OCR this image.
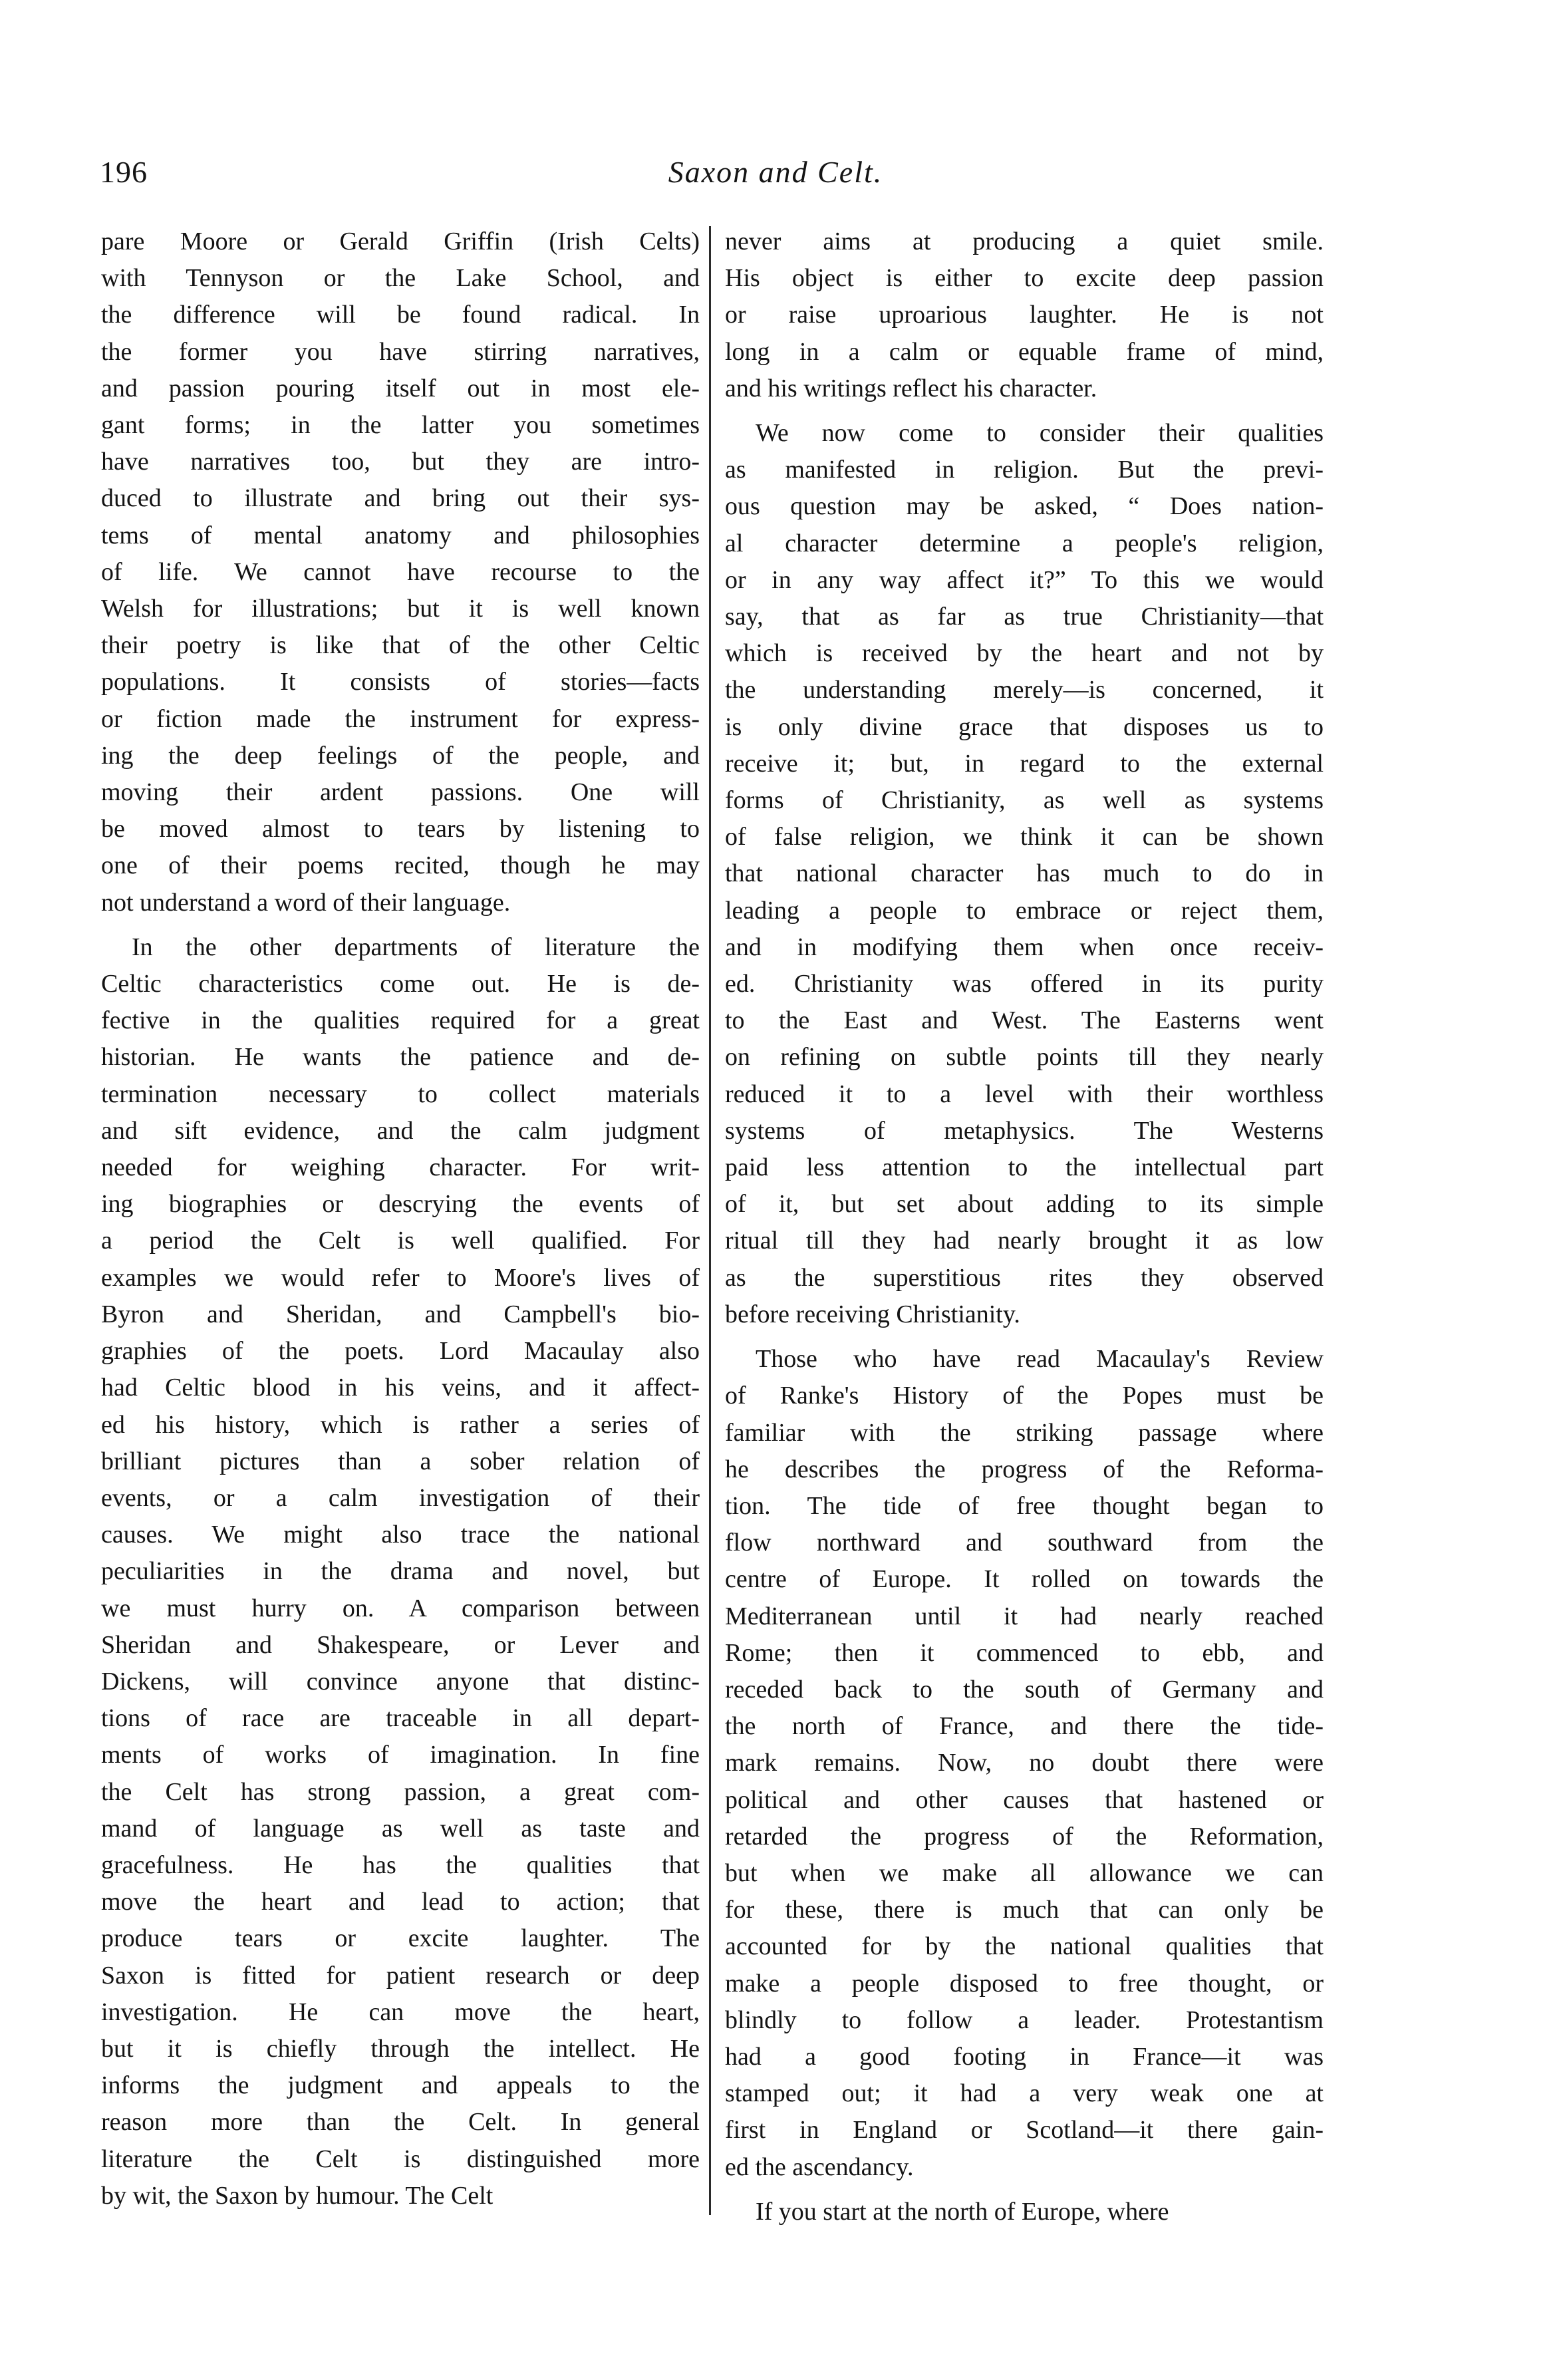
196	Saxon and Celt.

pare Moore or Gerald Griffin (Irish Celts)
with Tennyson or the Lake School, and
the difference will be found radical. In
the former you have stirring narratives,
and passion pouring itself out in most ele-
gant forms; in the latter you sometimes
have narratives too, but they are intro-
duced to illustrate and bring out their sys-
tems of mental anatomy and philosophies
of life. We cannot have recourse to the
Welsh for illustrations; but it is well known
their poetry is like that of the other Celtic
populations. It consists of stories—facts
or fiction made the instrument for express-
ing the deep feelings of the people, and
moving their ardent passions. One will
be moved almost to tears by listening to
one of their poems recited, though he may
not understand a word of their language.

In the other departments of literature the
Celtic characteristics come out. He is de-
fective in the qualities required for a great
historian. He wants the patience and de-
termination necessary to collect materials
and sift evidence, and the calm judgment
needed for weighing character. For writ-
ing biographies or descrying the events of
a period the Celt is well qualified. For
examples we would refer to Moore's lives of
Byron and Sheridan, and Campbell's bio-
graphies of the poets. Lord Macaulay also
had Celtic blood in his veins, and it affect-
ed his history, which is rather a series of
brilliant pictures than a sober relation of
events, or a calm investigation of their
causes. We might also trace the national
peculiarities in the drama and novel, but
we must hurry on. A comparison between
Sheridan and Shakespeare, or Lever and
Dickens, will convince anyone that distinc-
tions of race are traceable in all depart-
ments of works of imagination. In fine
the Celt has strong passion, a great com-
mand of language as well as taste and
gracefulness. He has the qualities that
move the heart and lead to action; that
produce tears or excite laughter. The
Saxon is fitted for patient research or deep
investigation. He can move the heart,
but it is chiefly through the intellect. He
informs the judgment and appeals to the
reason more than the Celt. In general
literature the Celt is distinguished more
by wit, the Saxon by humour. The Celt

never aims at producing a quiet smile.
His object is either to excite deep passion
or raise uproarious laughter. He is not
long in a calm or equable frame of mind,
and his writings reflect his character.

We now come to consider their qualities
as manifested in religion. But the previ-
ous question may be asked, “ Does nation-
al character determine a people's religion,
or in any way affect it?” To this we would
say, that as far as true Christianity—that
which is received by the heart and not by
the understanding merely—is concerned, it
is only divine grace that disposes us to
receive it; but, in regard to the external
forms of Christianity, as well as systems
of false religion, we think it can be shown
that national character has much to do in
leading a people to embrace or reject them,
and in modifying them when once receiv-
ed. Christianity was offered in its purity
to the East and West. The Easterns went
on refining on subtle points till they nearly
reduced it to a level with their worthless
systems of metaphysics. The Westerns
paid less attention to the intellectual part
of it, but set about adding to its simple
ritual till they had nearly brought it as low
as the superstitious rites they observed
before receiving Christianity.

Those who have read Macaulay's Review
of Ranke's History of the Popes must be
familiar with the striking passage where
he describes the progress of the Reforma-
tion. The tide of free thought began to
flow northward and southward from the
centre of Europe. It rolled on towards the
Mediterranean until it had nearly reached
Rome; then it commenced to ebb, and
receded back to the south of Germany and
the north of France, and there the tide-
mark remains. Now, no doubt there were
political and other causes that hastened or
retarded the progress of the Reformation,
but when we make all allowance we can
for these, there is much that can only be
accounted for by the national qualities that
make a people disposed to free thought, or
blindly to follow a leader. Protestantism
had a good footing in France—it was
stamped out; it had a very weak one at
first in England or Scotland—it there gain-
ed the ascendancy.

If you start at the north of Europe, where
